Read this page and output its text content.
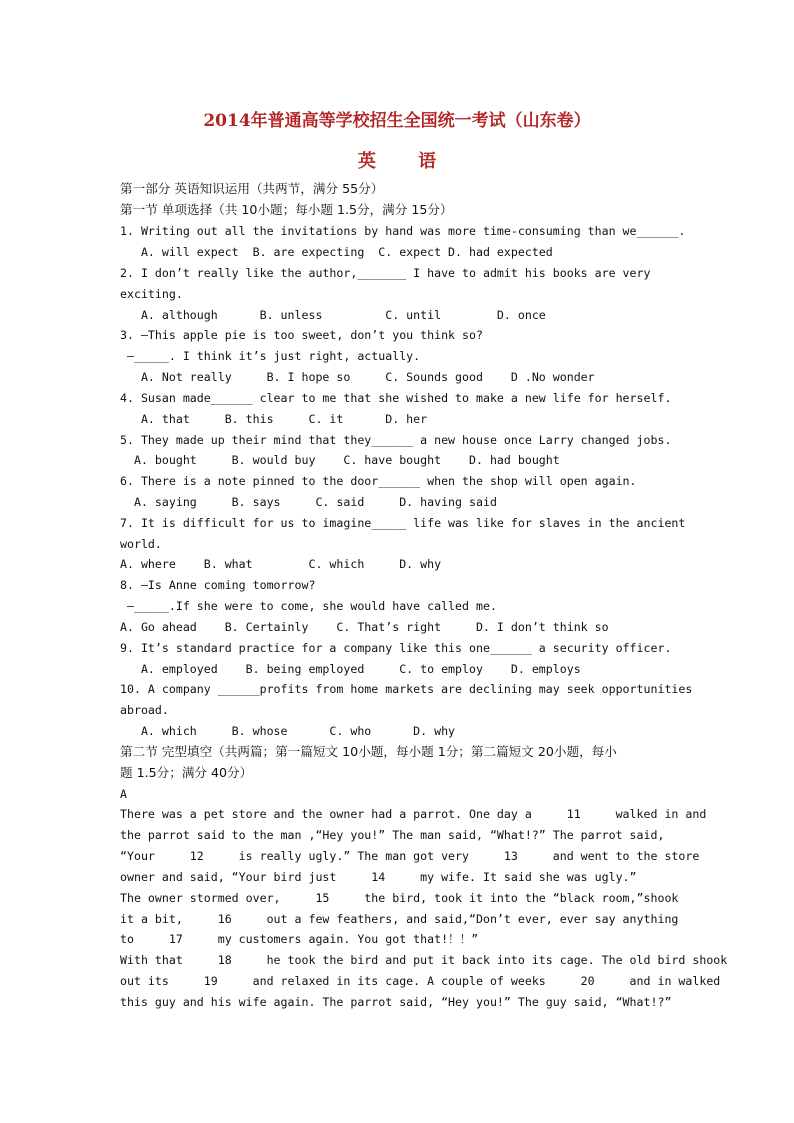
2014年普通高等学校招生全国统一考试（山东卷）
英 语
第一部分 英语知识运用（共两节，满分 55分）
第一节 单项选择（共 10小题；每小题 1.5分，满分 15分）
1. Writing out all the invitations by hand was more time-consuming than we______.
A. will expect  B. are expecting  C. expect D. had expected
2. I don’t really like the author,_______ I have to admit his books are very
exciting.
A. although      B. unless         C. until        D. once
3. —This apple pie is too sweet, don’t you think so?
—_____. I think it’s just right, actually.
A. Not really     B. I hope so     C. Sounds good    D .No wonder
4. Susan made______ clear to me that she wished to make a new life for herself.
A. that     B. this     C. it      D. her
5. They made up their mind that they______ a new house once Larry changed jobs.
A. bought     B. would buy    C. have bought    D. had bought
6. There is a note pinned to the door______ when the shop will open again.
A. saying     B. says     C. said     D. having said
7. It is difficult for us to imagine_____ life was like for slaves in the ancient
world.
A. where    B. what        C. which     D. why
8. —Is Anne coming tomorrow?
—_____.If she were to come, she would have called me.
A. Go ahead    B. Certainly    C. That’s right     D. I don’t think so
9. It’s standard practice for a company like this one______ a security officer.
A. employed    B. being employed     C. to employ    D. employs
10. A company ______profits from home markets are declining may seek opportunities
abroad.
A. which     B. whose      C. who      D. why
第二节 完型填空（共两篇；第一篇短文 10小题，每小题 1分；第二篇短文 20小题，每小
题 1.5分；满分 40分）
A
There was a pet store and the owner had a parrot. One day a     11     walked in and
the parrot said to the man ,“Hey you!” The man said, “What!?” The parrot said,
“Your     12     is really ugly.” The man got very     13     and went to the store
owner and said, “Your bird just     14     my wife. It said she was ugly.”
The owner stormed over,     15     the bird, took it into the “black room,”shook
it a bit,     16     out a few feathers, and said,“Don’t ever, ever say anything
to     17     my customers again. You got that!！！”
With that     18     he took the bird and put it back into its cage. The old bird shook
out its     19     and relaxed in its cage. A couple of weeks     20     and in walked
this guy and his wife again. The parrot said, “Hey you!” The guy said, “What!?”
